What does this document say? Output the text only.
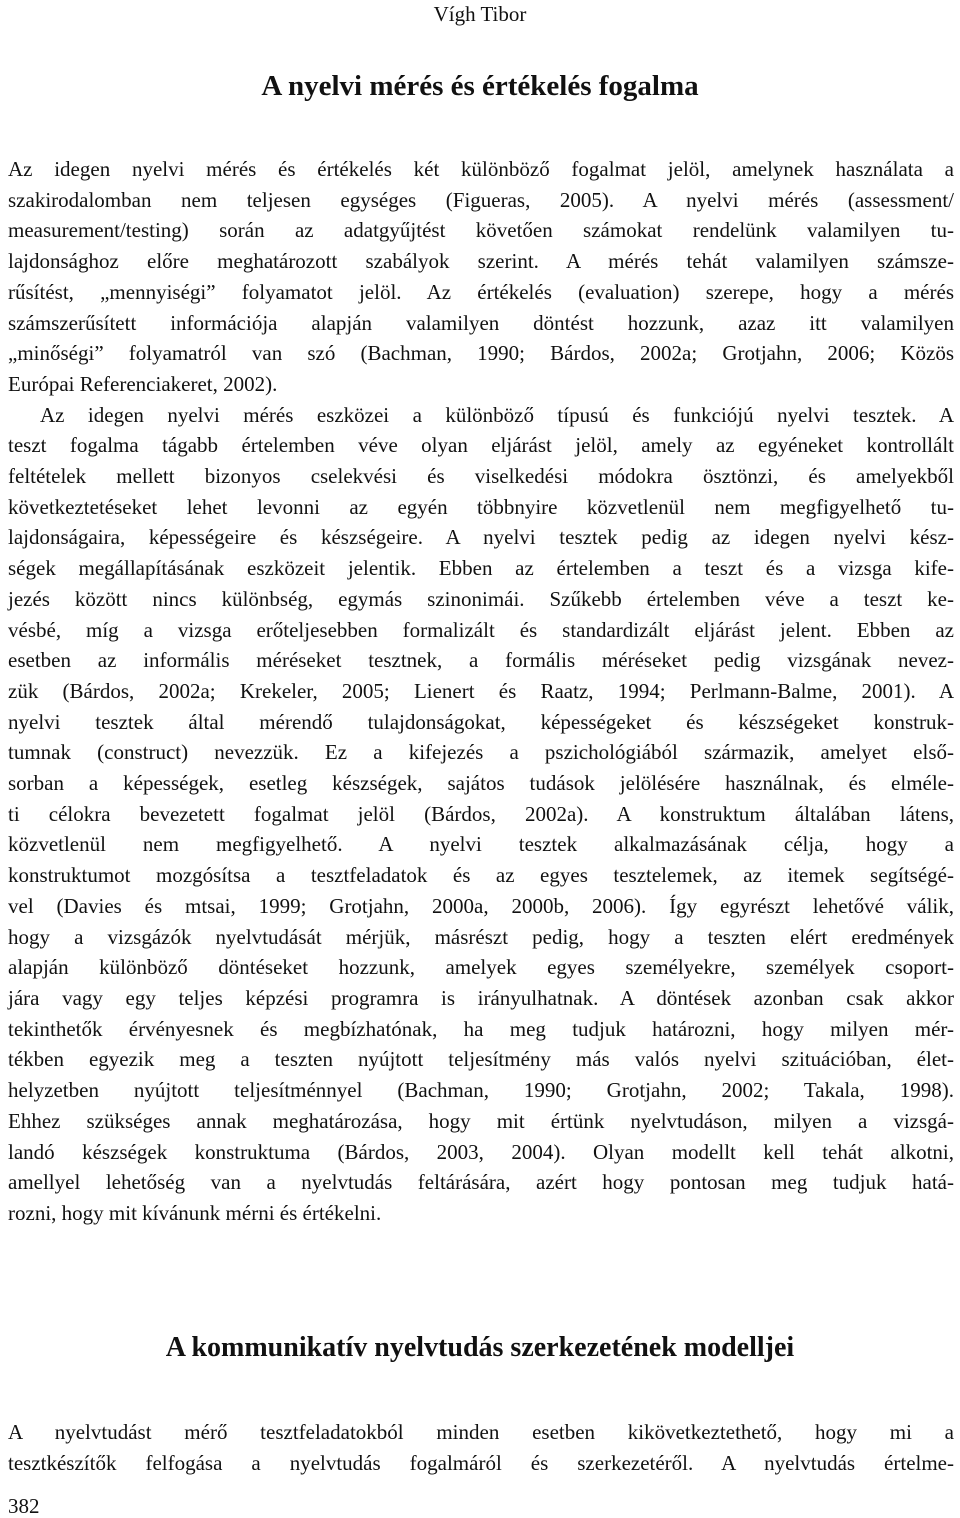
Vígh Tibor
A nyelvi mérés és értékelés fogalma
Az idegen nyelvi mérés és értékelés két különböző fogalmat jelöl, amelynek használata a
szakirodalomban nem teljesen egységes (Figueras, 2005). A nyelvi mérés (assessment/
measurement/testing) során az adatgyűjtést követően számokat rendelünk valamilyen tu-
lajdonsághoz előre meghatározott szabályok szerint. A mérés tehát valamilyen számsze-
rűsítést, „mennyiségi” folyamatot jelöl. Az értékelés (evaluation) szerepe, hogy a mérés
számszerűsített információja alapján valamilyen döntést hozzunk, azaz itt valamilyen
„minőségi” folyamatról van szó (Bachman, 1990; Bárdos, 2002a; Grotjahn, 2006; Közös
Európai Referenciakeret, 2002).
Az idegen nyelvi mérés eszközei a különböző típusú és funkciójú nyelvi tesztek. A
teszt fogalma tágabb értelemben véve olyan eljárást jelöl, amely az egyéneket kontrollált
feltételek mellett bizonyos cselekvési és viselkedési módokra ösztönzi, és amelyekből
következtetéseket lehet levonni az egyén többnyire közvetlenül nem megfigyelhető tu-
lajdonságaira, képességeire és készségeire. A nyelvi tesztek pedig az idegen nyelvi kész-
ségek megállapításának eszközeit jelentik. Ebben az értelemben a teszt és a vizsga kife-
jezés között nincs különbség, egymás szinonimái. Szűkebb értelemben véve a teszt ke-
vésbé, míg a vizsga erőteljesebben formalizált és standardizált eljárást jelent. Ebben az
esetben az informális méréseket tesztnek, a formális méréseket pedig vizsgának nevez-
zük (Bárdos, 2002a; Krekeler, 2005; Lienert és Raatz, 1994; Perlmann-Balme, 2001). A
nyelvi tesztek által mérendő tulajdonságokat, képességeket és készségeket konstruk-
tumnak (construct) nevezzük. Ez a kifejezés a pszichológiából származik, amelyet első-
sorban a képességek, esetleg készségek, sajátos tudások jelölésére használnak, és elméle-
ti célokra bevezetett fogalmat jelöl (Bárdos, 2002a). A konstruktum általában látens,
közvetlenül nem megfigyelhető. A nyelvi tesztek alkalmazásának célja, hogy a
konstruktumot mozgósítsa a tesztfeladatok és az egyes tesztelemek, az itemek segítségé-
vel (Davies és mtsai, 1999; Grotjahn, 2000a, 2000b, 2006). Így egyrészt lehetővé válik,
hogy a vizsgázók nyelvtudását mérjük, másrészt pedig, hogy a teszten elért eredmények
alapján különböző döntéseket hozzunk, amelyek egyes személyekre, személyek csoport-
jára vagy egy teljes képzési programra is irányulhatnak. A döntések azonban csak akkor
tekinthetők érvényesnek és megbízhatónak, ha meg tudjuk határozni, hogy milyen mér-
tékben egyezik meg a teszten nyújtott teljesítmény más valós nyelvi szituációban, élet-
helyzetben nyújtott teljesítménnyel (Bachman, 1990; Grotjahn, 2002; Takala, 1998).
Ehhez szükséges annak meghatározása, hogy mit értünk nyelvtudáson, milyen a vizsgá-
landó készségek konstruktuma (Bárdos, 2003, 2004). Olyan modellt kell tehát alkotni,
amellyel lehetőség van a nyelvtudás feltárására, azért hogy pontosan meg tudjuk hatá-
rozni, hogy mit kívánunk mérni és értékelni.
A kommunikatív nyelvtudás szerkezetének modelljei
A nyelvtudást mérő tesztfeladatokból minden esetben kikövetkeztethető, hogy mi a
tesztkészítők felfogása a nyelvtudás fogalmáról és szerkezetéről. A nyelvtudás értelme-
382
